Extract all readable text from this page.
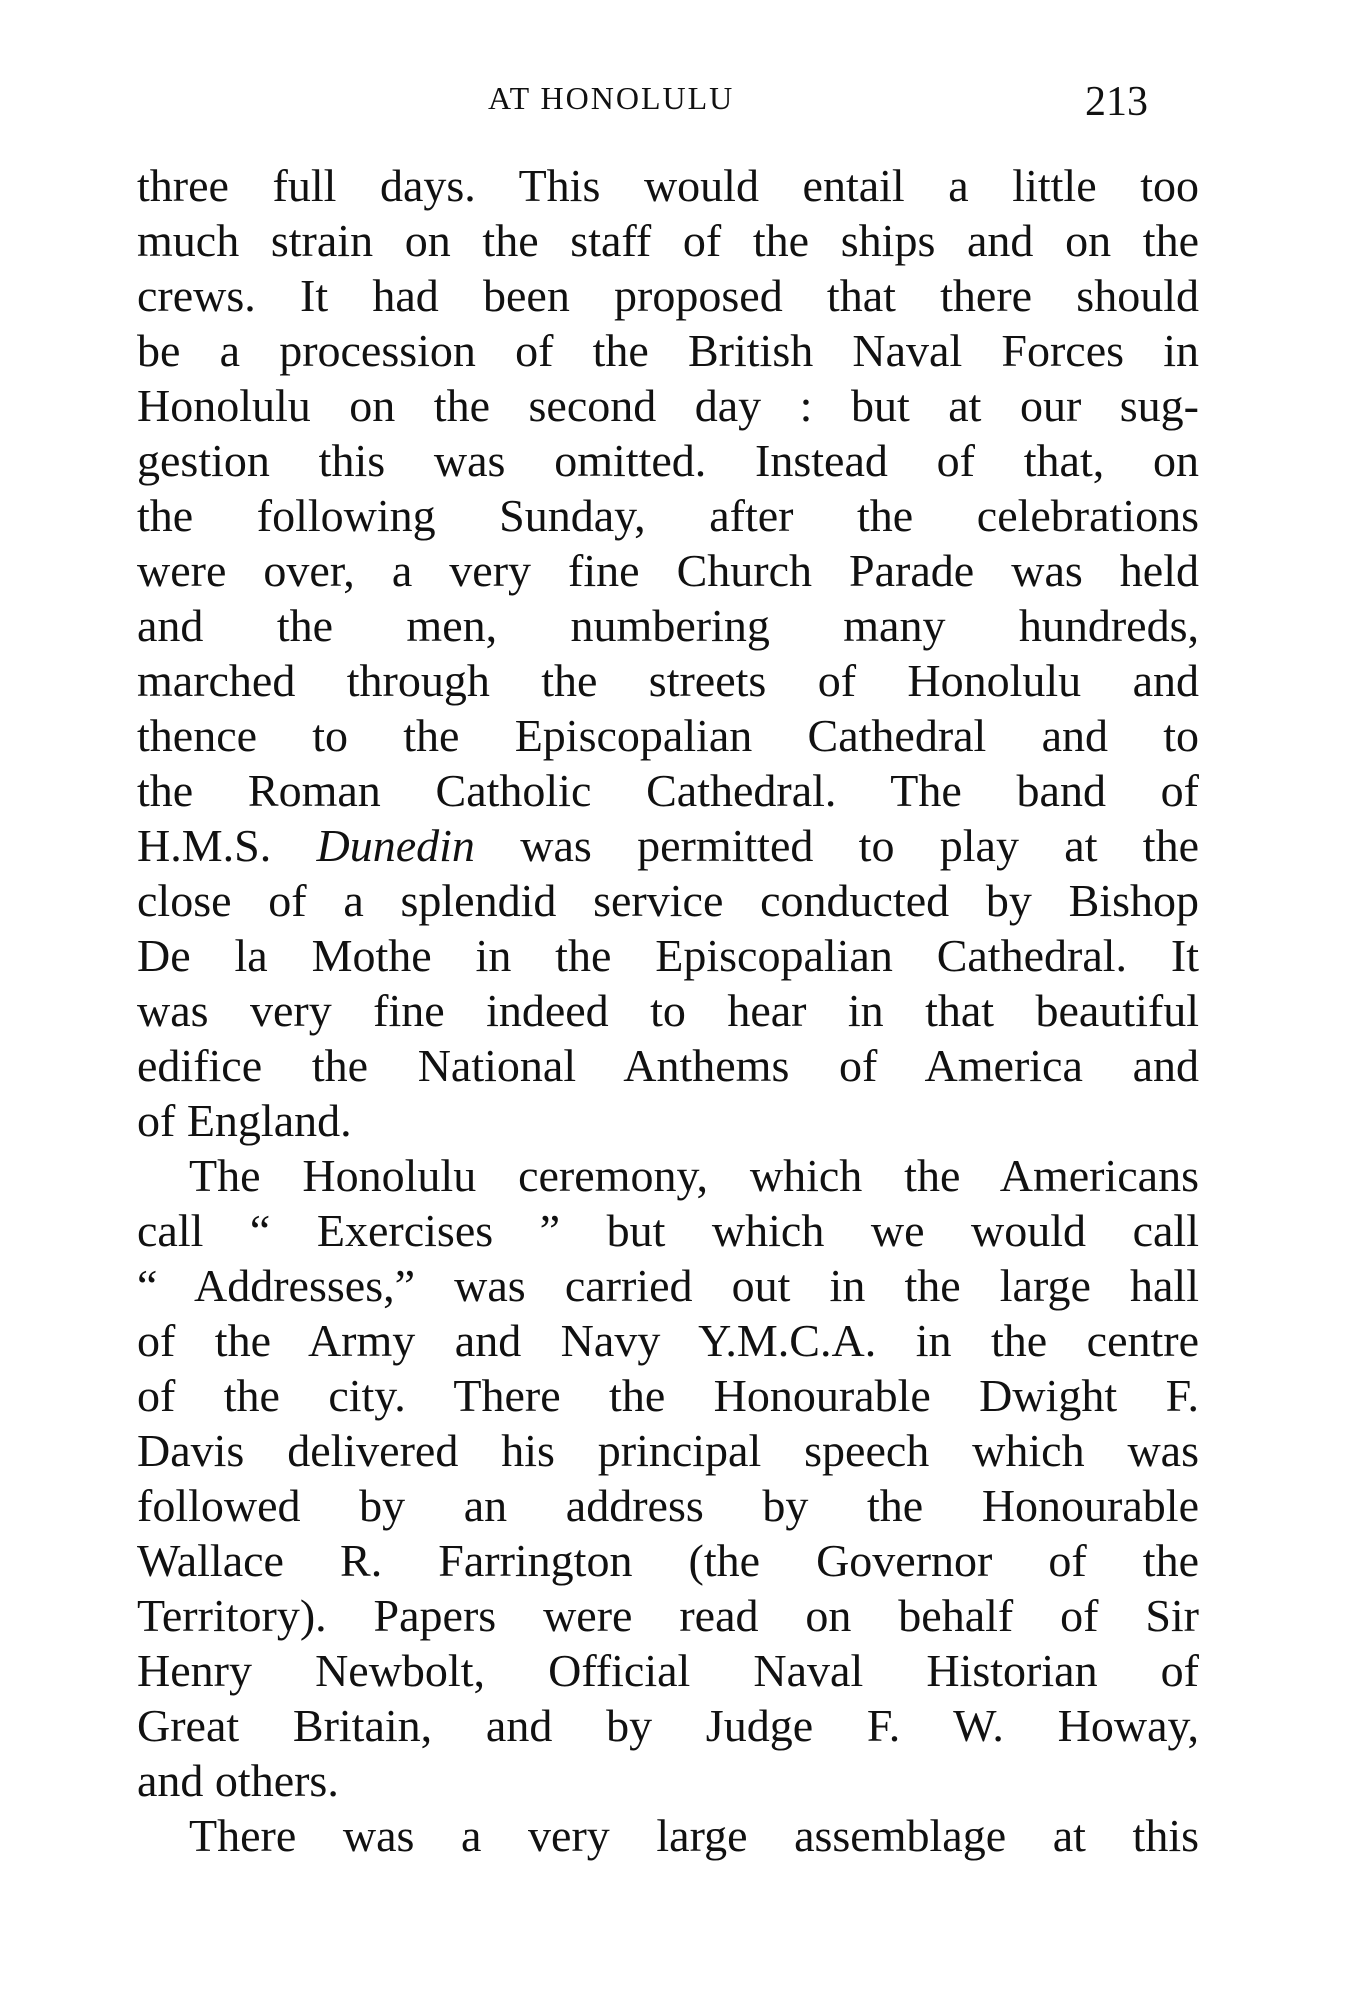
AT HONOLULU	213

three full days. This would entail a little too
much strain on the staff of the ships and on the
crews. It had been proposed that there should
be a procession of the British Naval Forces in
Honolulu on the second day : but at our sug-
gestion this was omitted. Instead of that, on
the following Sunday, after the celebrations
were over, a very fine Church Parade was held
and the men, numbering many hundreds,
marched through the streets of Honolulu and
thence to the Episcopalian Cathedral and to
the Roman Catholic Cathedral. The band of
H.M.S. Dunedin was permitted to play at the
close of a splendid service conducted by Bishop
De la Mothe in the Episcopalian Cathedral. It
was very fine indeed to hear in that beautiful
edifice the National Anthems of America and
of England.

The Honolulu ceremony, which the Americans
call “ Exercises ” but which we would call
“ Addresses,” was carried out in the large hall
of the Army and Navy Y.M.C.A. in the centre
of the city. There the Honourable Dwight F.
Davis delivered his principal speech which was
followed by an address by the Honourable
Wallace R. Farrington (the Governor of the
Territory). Papers were read on behalf of Sir
Henry Newbolt, Official Naval Historian of
Great Britain, and by Judge F. W. Howay,
and others.

There was a very large assemblage at this
